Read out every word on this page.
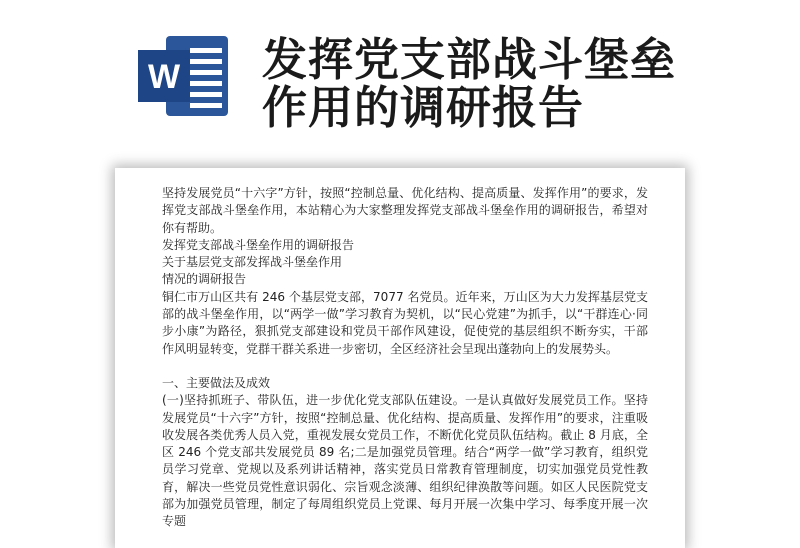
W 发挥党支部战斗堡垒
作用的调研报告

坚持发展党员“十六字”方针，按照“控制总量、优化结构、提高质量、发挥作用”的要求，发挥党支部战斗堡垒作用，本站精心为大家整理发挥党支部战斗堡垒作用的调研报告，希望对你有帮助。

发挥党支部战斗堡垒作用的调研报告

关于基层党支部发挥战斗堡垒作用

情况的调研报告

铜仁市万山区共有 246 个基层党支部，7077 名党员。近年来，万山区为大力发挥基层党支部的战斗堡垒作用，以“两学一做”学习教育为契机，以“民心党建”为抓手，以“干群连心·同步小康”为路径，狠抓党支部建设和党员干部作风建设，促使党的基层组织不断夯实，干部作风明显转变，党群干群关系进一步密切，全区经济社会呈现出蓬勃向上的发展势头。

一、主要做法及成效

(一)坚持抓班子、带队伍，进一步优化党支部队伍建设。一是认真做好发展党员工作。坚持发展党员“十六字”方针，按照“控制总量、优化结构、提高质量、发挥作用”的要求，注重吸收发展各类优秀人员入党，重视发展女党员工作，不断优化党员队伍结构。截止 8 月底，全区 246 个党支部共发展党员 89 名;二是加强党员管理。结合“两学一做”学习教育，组织党员学习党章、党规以及系列讲话精神，落实党员日常教育管理制度，切实加强党员党性教育，解决一些党员党性意识弱化、宗旨观念淡薄、组织纪律涣散等问题。如区人民医院党支部为加强党员管理，制定了每周组织党员上党课、每月开展一次集中学习、每季度开展一次专题
